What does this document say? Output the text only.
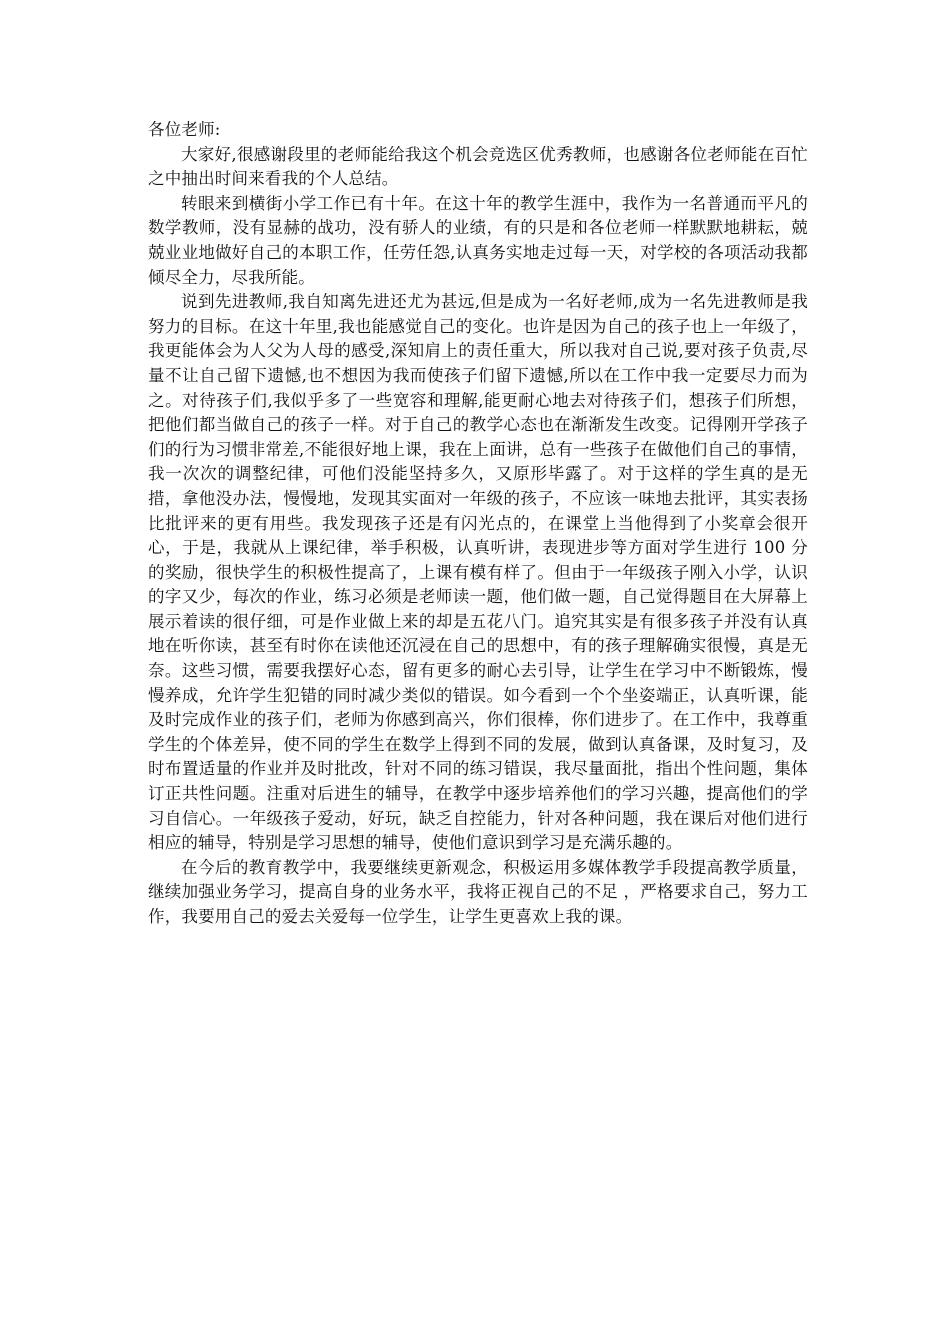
各位老师:

大家好,很感谢段里的老师能给我这个机会竞选区优秀教师，也感谢各位老师能在百忙之中抽出时间来看我的个人总结。

转眼来到横街小学工作已有十年。在这十年的教学生涯中，我作为一名普通而平凡的数学教师，没有显赫的战功，没有骄人的业绩，有的只是和各位老师一样默默地耕耘，兢兢业业地做好自己的本职工作，任劳任怨,认真务实地走过每一天，对学校的各项活动我都倾尽全力，尽我所能。

说到先进教师,我自知离先进还尤为甚远,但是成为一名好老师,成为一名先进教师是我努力的目标。在这十年里,我也能感觉自己的变化。也许是因为自己的孩子也上一年级了，我更能体会为人父为人母的感受,深知肩上的责任重大，所以我对自己说,要对孩子负责,尽量不让自己留下遗憾,也不想因为我而使孩子们留下遗憾,所以在工作中我一定要尽力而为之。对待孩子们,我似乎多了一些宽容和理解,能更耐心地去对待孩子们，想孩子们所想，把他们都当做自己的孩子一样。对于自己的教学心态也在渐渐发生改变。记得刚开学孩子们的行为习惯非常差,不能很好地上课，我在上面讲，总有一些孩子在做他们自己的事情，我一次次的调整纪律，可他们没能坚持多久，又原形毕露了。对于这样的学生真的是无措，拿他没办法，慢慢地，发现其实面对一年级的孩子，不应该一味地去批评，其实表扬比批评来的更有用些。我发现孩子还是有闪光点的，在课堂上当他得到了小奖章会很开心，于是，我就从上课纪律，举手积极，认真听讲，表现进步等方面对学生进行 100 分的奖励，很快学生的积极性提高了，上课有模有样了。但由于一年级孩子刚入小学，认识的字又少，每次的作业，练习必须是老师读一题，他们做一题，自己觉得题目在大屏幕上展示着读的很仔细，可是作业做上来的却是五花八门。追究其实是有很多孩子并没有认真地在听你读，甚至有时你在读他还沉浸在自己的思想中，有的孩子理解确实很慢，真是无奈。这些习惯，需要我摆好心态，留有更多的耐心去引导，让学生在学习中不断锻炼，慢慢养成，允许学生犯错的同时减少类似的错误。如今看到一个个坐姿端正，认真听课，能及时完成作业的孩子们，老师为你感到高兴，你们很棒，你们进步了。在工作中，我尊重学生的个体差异，使不同的学生在数学上得到不同的发展，做到认真备课，及时复习，及时布置适量的作业并及时批改，针对不同的练习错误，我尽量面批，指出个性问题，集体订正共性问题。注重对后进生的辅导，在教学中逐步培养他们的学习兴趣，提高他们的学习自信心。一年级孩子爱动，好玩，缺乏自控能力，针对各种问题，我在课后对他们进行相应的辅导，特别是学习思想的辅导，使他们意识到学习是充满乐趣的。

在今后的教育教学中，我要继续更新观念，积极运用多媒体教学手段提高教学质量，继续加强业务学习，提高自身的业务水平，我将正视自己的不足 ，严格要求自己，努力工作，我要用自己的爱去关爱每一位学生，让学生更喜欢上我的课。
